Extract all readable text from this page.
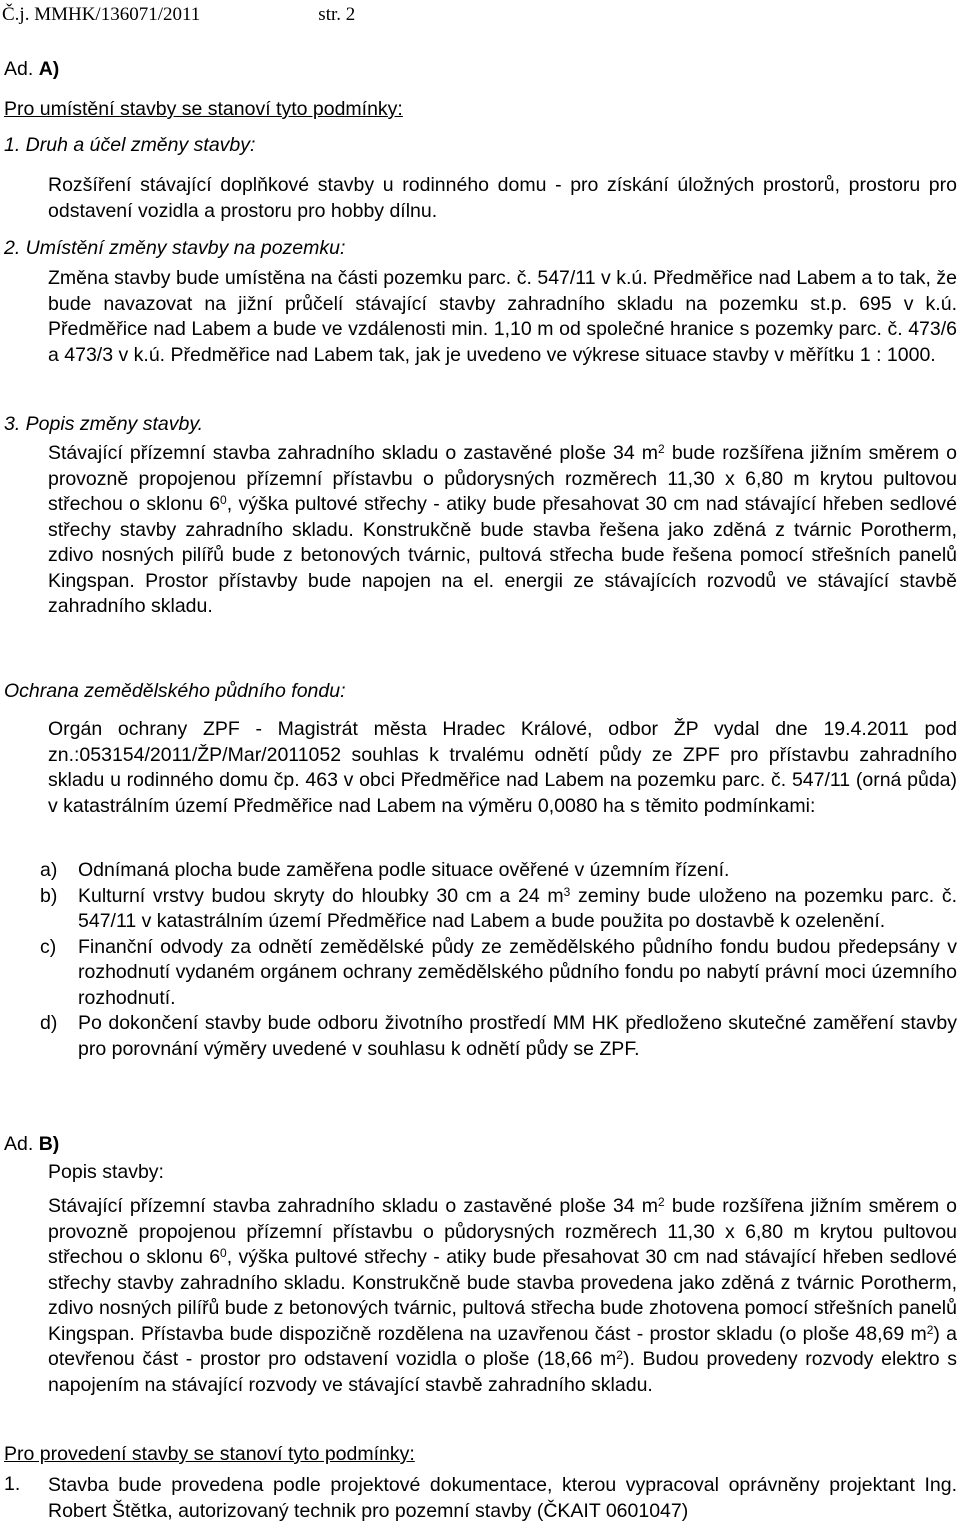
Č.j. MMHK/136071/2011	str. 2
Ad. A)
Pro umístění stavby se stanoví tyto podmínky:
1. Druh a účel změny stavby:

Rozšíření stávající doplňkové stavby u rodinného domu - pro získání úložných prostorů, prostoru pro odstavení vozidla a prostoru pro hobby dílnu.

2. Umístění změny stavby na pozemku:

Změna stavby bude umístěna na části pozemku parc. č. 547/11 v k.ú. Předměřice nad Labem a to tak, že bude navazovat na jižní průčelí stávající stavby zahradního skladu na pozemku st.p. 695 v k.ú. Předměřice nad Labem a bude ve vzdálenosti min. 1,10 m od společné hranice s pozemky parc. č. 473/6 a 473/3 v k.ú. Předměřice nad Labem tak, jak je uvedeno ve výkrese situace stavby v měřítku 1 : 1000.

3. Popis změny stavby.

Stávající přízemní stavba zahradního skladu o zastavěné ploše 34 $m^2$ bude rozšířena jižním směrem o provozně propojenou přízemní přístavbu o půdorysných rozměrech 11,30 x 6,80 m krytou pultovou střechou o sklonu $6^0$, výška pultové střechy - atiky bude přesahovat 30 cm nad stávající hřeben sedlové střechy stavby zahradního skladu. Konstrukčně bude stavba řešena jako zděná z tvárnic Porotherm, zdivo nosných pilířů bude z betonových tvárnic, pultová střecha bude řešena pomocí střešních panelů Kingspan. Prostor přístavby bude napojen na el. energii ze stávajících rozvodů ve stávající stavbě zahradního skladu.

Ochrana zemědělského půdního fondu:

Orgán ochrany ZPF - Magistrát města Hradec Králové, odbor ŽP vydal dne 19.4.2011 pod zn.:053154/2011/ŽP/Mar/2011052 souhlas k trvalému odnětí půdy ze ZPF pro přístavbu zahradního skladu u rodinného domu čp. 463 v obci Předměřice nad Labem na pozemku parc. č. 547/11 (orná půda) v katastrálním území Předměřice nad Labem na výměru 0,0080 ha s těmito podmínkami:

a) Odnímaná plocha bude zaměřena podle situace ověřené v územním řízení.
b) Kulturní vrstvy budou skryty do hloubky 30 cm a 24 $m^3$ zeminy bude uloženo na pozemku parc. č. 547/11 v katastrálním území Předměřice nad Labem a bude použita po dostavbě k ozelenění.
c) Finanční odvody za odnětí zemědělské půdy ze zemědělského půdního fondu budou předepsány v rozhodnutí vydaném orgánem ochrany zemědělského půdního fondu po nabytí právní moci územního rozhodnutí.
d) Po dokončení stavby bude odboru životního prostředí MM HK předloženo skutečné zaměření stavby pro porovnání výměry uvedené v souhlasu k odnětí půdy se ZPF.
Ad. B)
Popis stavby:

Stávající přízemní stavba zahradního skladu o zastavěné ploše 34 $m^2$ bude rozšířena jižním směrem o provozně propojenou přízemní přístavbu o půdorysných rozměrech 11,30 x 6,80 m krytou pultovou střechou o sklonu $6^0$, výška pultové střechy - atiky bude přesahovat 30 cm nad stávající hřeben sedlové střechy stavby zahradního skladu. Konstrukčně bude stavba provedena jako zděná z tvárnic Porotherm, zdivo nosných pilířů bude z betonových tvárnic, pultová střecha bude zhotovena pomocí střešních panelů Kingspan. Přístavba bude dispozičně rozdělena na uzavřenou část - prostor skladu (o ploše 48,69 $m^2$) a otevřenou část - prostor pro odstavení vozidla o ploše (18,66 $m^2$). Budou provedeny rozvody elektro s napojením na stávající rozvody ve stávající stavbě zahradního skladu.

Pro provedení stavby se stanoví tyto podmínky:
1.	Stavba bude provedena podle projektové dokumentace, kterou vypracoval oprávněny projektant Ing. Robert Štětka, autorizovaný technik pro pozemní stavby (ČKAIT 0601047)
